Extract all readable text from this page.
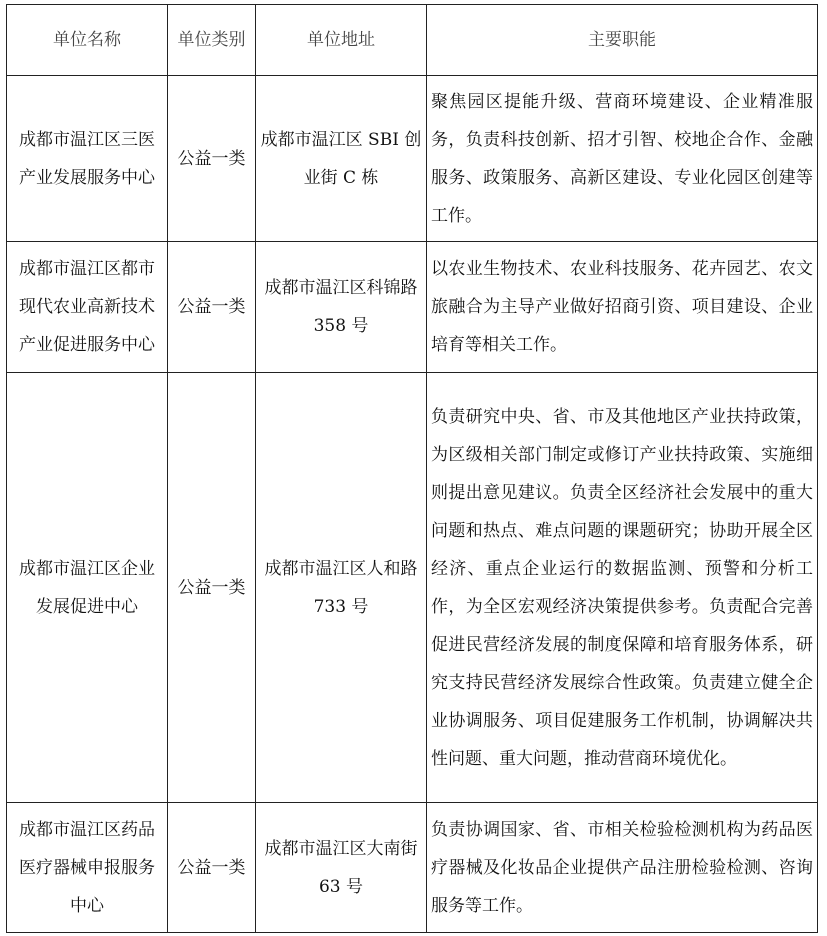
单位名称	单位类别	单位地址	主要职能
成都市温江区三医产业发展服务中心	公益一类	成都市温江区 SBI 创业街 C 栋	聚焦园区提能升级、营商环境建设、企业精准服务，负责科技创新、招才引智、校地企合作、金融服务、政策服务、高新区建设、专业化园区创建等工作。
成都市温江区都市现代农业高新技术产业促进服务中心	公益一类	成都市温江区科锦路 358 号	以农业生物技术、农业科技服务、花卉园艺、农文旅融合为主导产业做好招商引资、项目建设、企业培育等相关工作。
成都市温江区企业发展促进中心	公益一类	成都市温江区人和路 733 号	负责研究中央、省、市及其他地区产业扶持政策，为区级相关部门制定或修订产业扶持政策、实施细则提出意见建议。负责全区经济社会发展中的重大问题和热点、难点问题的课题研究；协助开展全区经济、重点企业运行的数据监测、预警和分析工作，为全区宏观经济决策提供参考。负责配合完善促进民营经济发展的制度保障和培育服务体系，研究支持民营经济发展综合性政策。负责建立健全企业协调服务、项目促建服务工作机制，协调解决共性问题、重大问题，推动营商环境优化。
成都市温江区药品医疗器械申报服务中心	公益一类	成都市温江区大南街 63 号	负责协调国家、省、市相关检验检测机构为药品医疗器械及化妆品企业提供产品注册检验检测、咨询服务等工作。
